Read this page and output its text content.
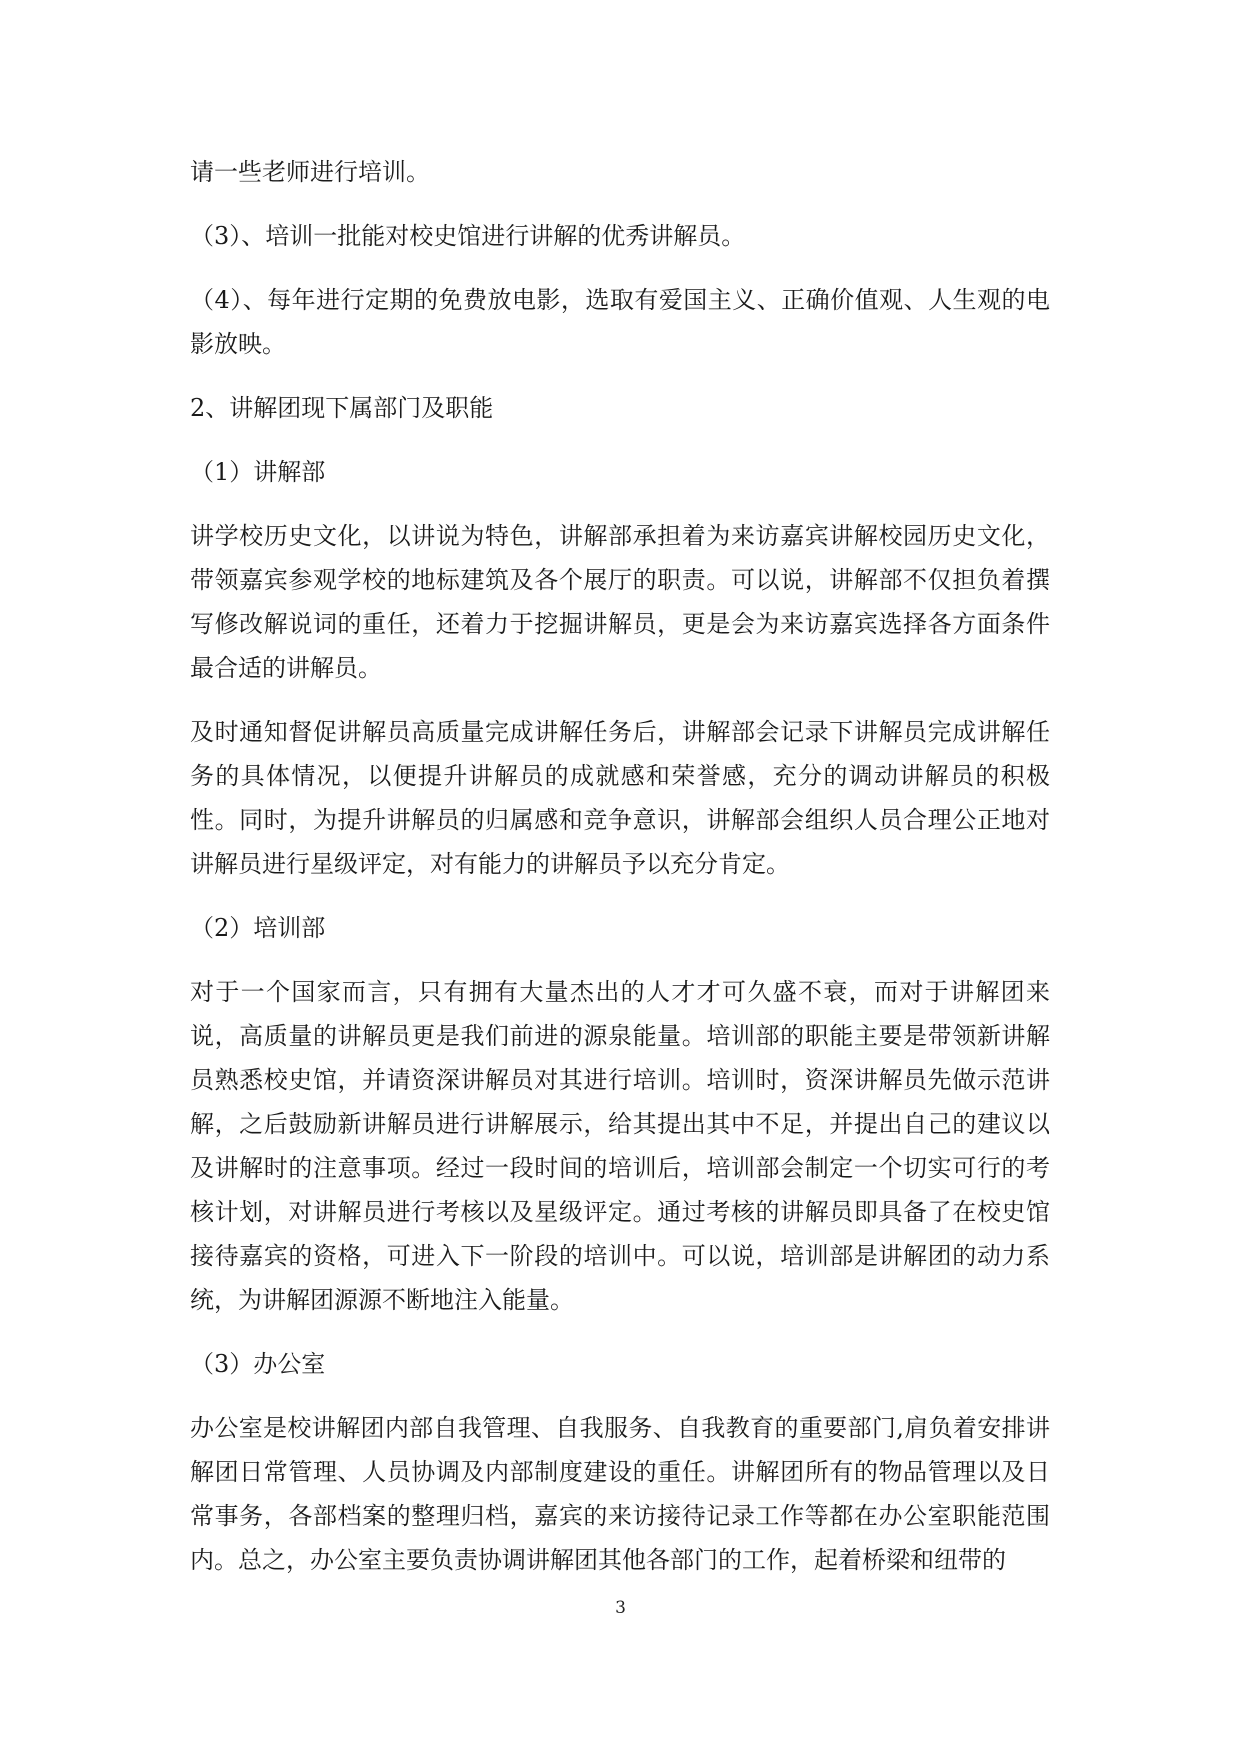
请一些老师进行培训。

（3）、培训一批能对校史馆进行讲解的优秀讲解员。

（4）、每年进行定期的免费放电影，选取有爱国主义、正确价值观、人生观的电影放映。

2、讲解团现下属部门及职能

（1）讲解部

讲学校历史文化，以讲说为特色，讲解部承担着为来访嘉宾讲解校园历史文化，带领嘉宾参观学校的地标建筑及各个展厅的职责。可以说，讲解部不仅担负着撰写修改解说词的重任，还着力于挖掘讲解员，更是会为来访嘉宾选择各方面条件最合适的讲解员。

及时通知督促讲解员高质量完成讲解任务后，讲解部会记录下讲解员完成讲解任务的具体情况，以便提升讲解员的成就感和荣誉感，充分的调动讲解员的积极性。同时，为提升讲解员的归属感和竞争意识，讲解部会组织人员合理公正地对讲解员进行星级评定，对有能力的讲解员予以充分肯定。

（2）培训部

对于一个国家而言，只有拥有大量杰出的人才才可久盛不衰，而对于讲解团来说，高质量的讲解员更是我们前进的源泉能量。培训部的职能主要是带领新讲解员熟悉校史馆，并请资深讲解员对其进行培训。培训时，资深讲解员先做示范讲解，之后鼓励新讲解员进行讲解展示，给其提出其中不足，并提出自己的建议以及讲解时的注意事项。经过一段时间的培训后，培训部会制定一个切实可行的考核计划，对讲解员进行考核以及星级评定。通过考核的讲解员即具备了在校史馆接待嘉宾的资格，可进入下一阶段的培训中。可以说，培训部是讲解团的动力系统，为讲解团源源不断地注入能量。

（3）办公室

办公室是校讲解团内部自我管理、自我服务、自我教育的重要部门,肩负着安排讲解团日常管理、人员协调及内部制度建设的重任。讲解团所有的物品管理以及日常事务，各部档案的整理归档，嘉宾的来访接待记录工作等都在办公室职能范围内。总之，办公室主要负责协调讲解团其他各部门的工作，起着桥梁和纽带的

3
